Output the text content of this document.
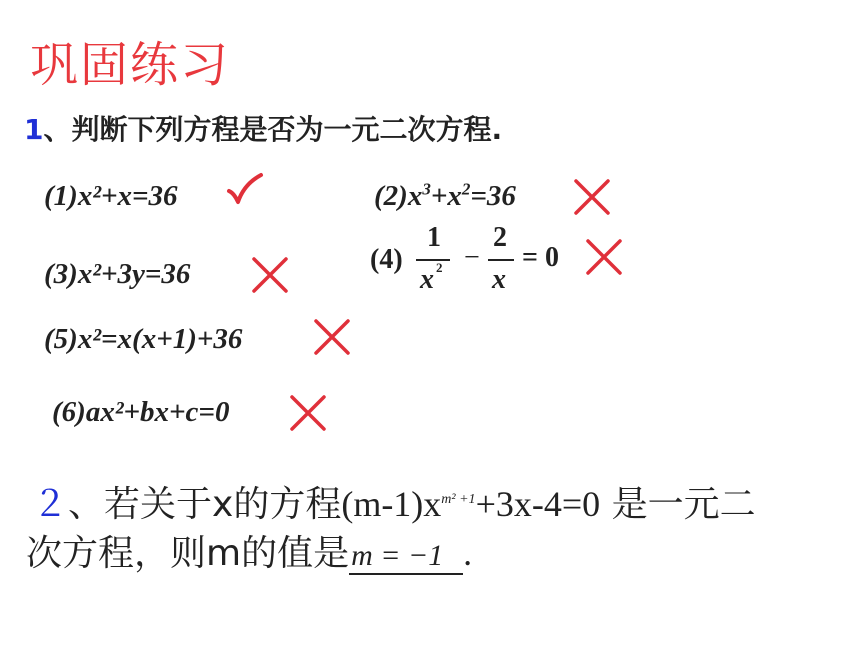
巩固练习
1、判断下列方程是否为一元二次方程.
(1)x²+x=36	$(2)x^3+x^2=36$
(4)
1
x 2 −
2
x
= 0
(3)x²+3y=36
(5)x²=x(x+1)+36
(6)ax²+bx+c=0
２、若关于x的方程$(m-1)x^{m^2 +1}+3x-4=0$ 是一元二
次方程，则m的值是m = −1 .
